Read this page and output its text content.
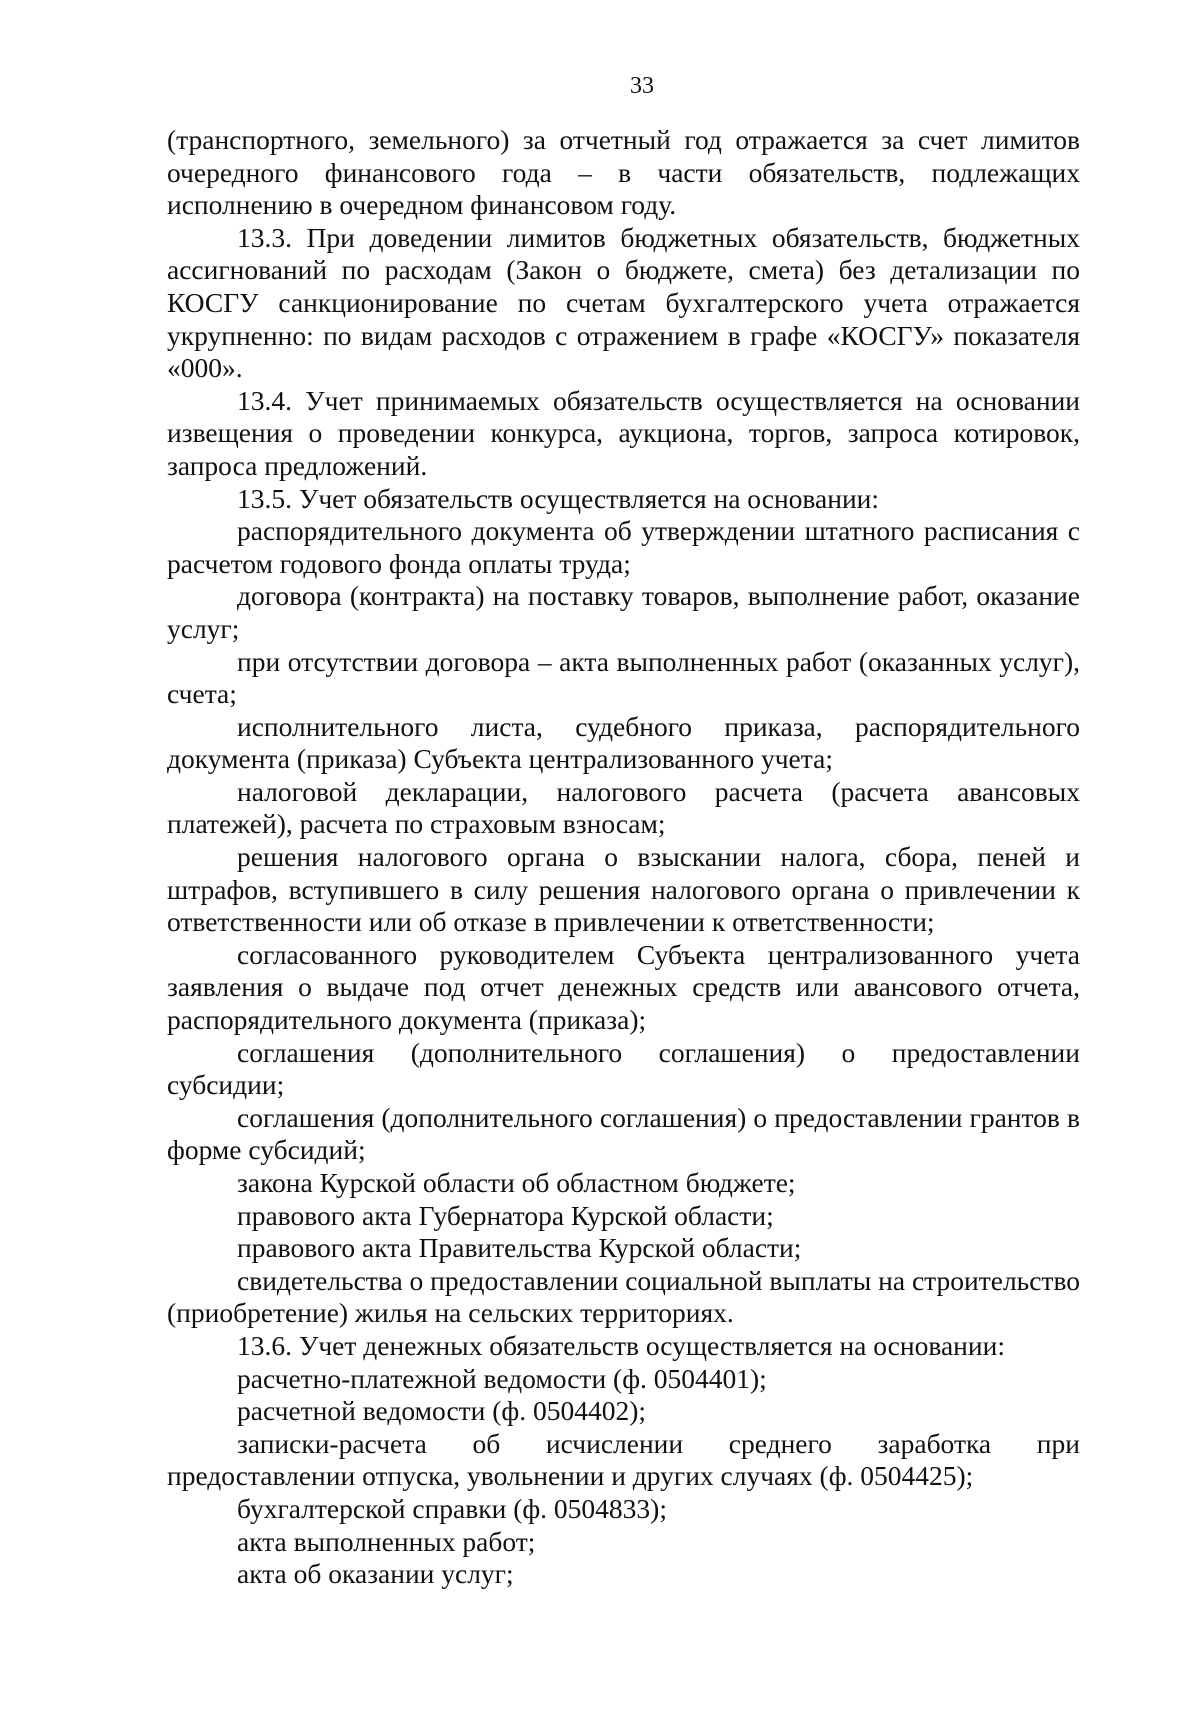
33

(транспортного, земельного) за отчетный год отражается за счет лимитов очередного финансового года – в части обязательств, подлежащих исполнению в очередном финансовом году.

13.3. При доведении лимитов бюджетных обязательств, бюджетных ассигнований по расходам (Закон о бюджете, смета) без детализации по КОСГУ санкционирование по счетам бухгалтерского учета отражается укрупненно: по видам расходов с отражением в графе «КОСГУ» показателя «000».

13.4. Учет принимаемых обязательств осуществляется на основании извещения о проведении конкурса, аукциона, торгов, запроса котировок, запроса предложений.

13.5. Учет обязательств осуществляется на основании:

распорядительного документа об утверждении штатного расписания с расчетом годового фонда оплаты труда;

договора (контракта) на поставку товаров, выполнение работ, оказание услуг;

при отсутствии договора – акта выполненных работ (оказанных услуг), счета;

исполнительного листа, судебного приказа, распорядительного документа (приказа) Субъекта централизованного учета;

налоговой декларации, налогового расчета (расчета авансовых платежей), расчета по страховым взносам;

решения налогового органа о взыскании налога, сбора, пеней и штрафов, вступившего в силу решения налогового органа о привлечении к ответственности или об отказе в привлечении к ответственности;

согласованного руководителем Субъекта централизованного учета заявления о выдаче под отчет денежных средств или авансового отчета, распорядительного документа (приказа);

соглашения (дополнительного соглашения) о предоставлении субсидии;

соглашения (дополнительного соглашения) о предоставлении грантов в форме субсидий;

закона Курской области об областном бюджете;

правового акта Губернатора Курской области;

правового акта Правительства Курской области;

свидетельства о предоставлении социальной выплаты на строительство (приобретение) жилья на сельских территориях.

13.6. Учет денежных обязательств осуществляется на основании:

расчетно-платежной ведомости (ф. 0504401);

расчетной ведомости (ф. 0504402);

записки-расчета об исчислении среднего заработка при предоставлении отпуска, увольнении и других случаях (ф. 0504425);

бухгалтерской справки (ф. 0504833);

акта выполненных работ;

акта об оказании услуг;
